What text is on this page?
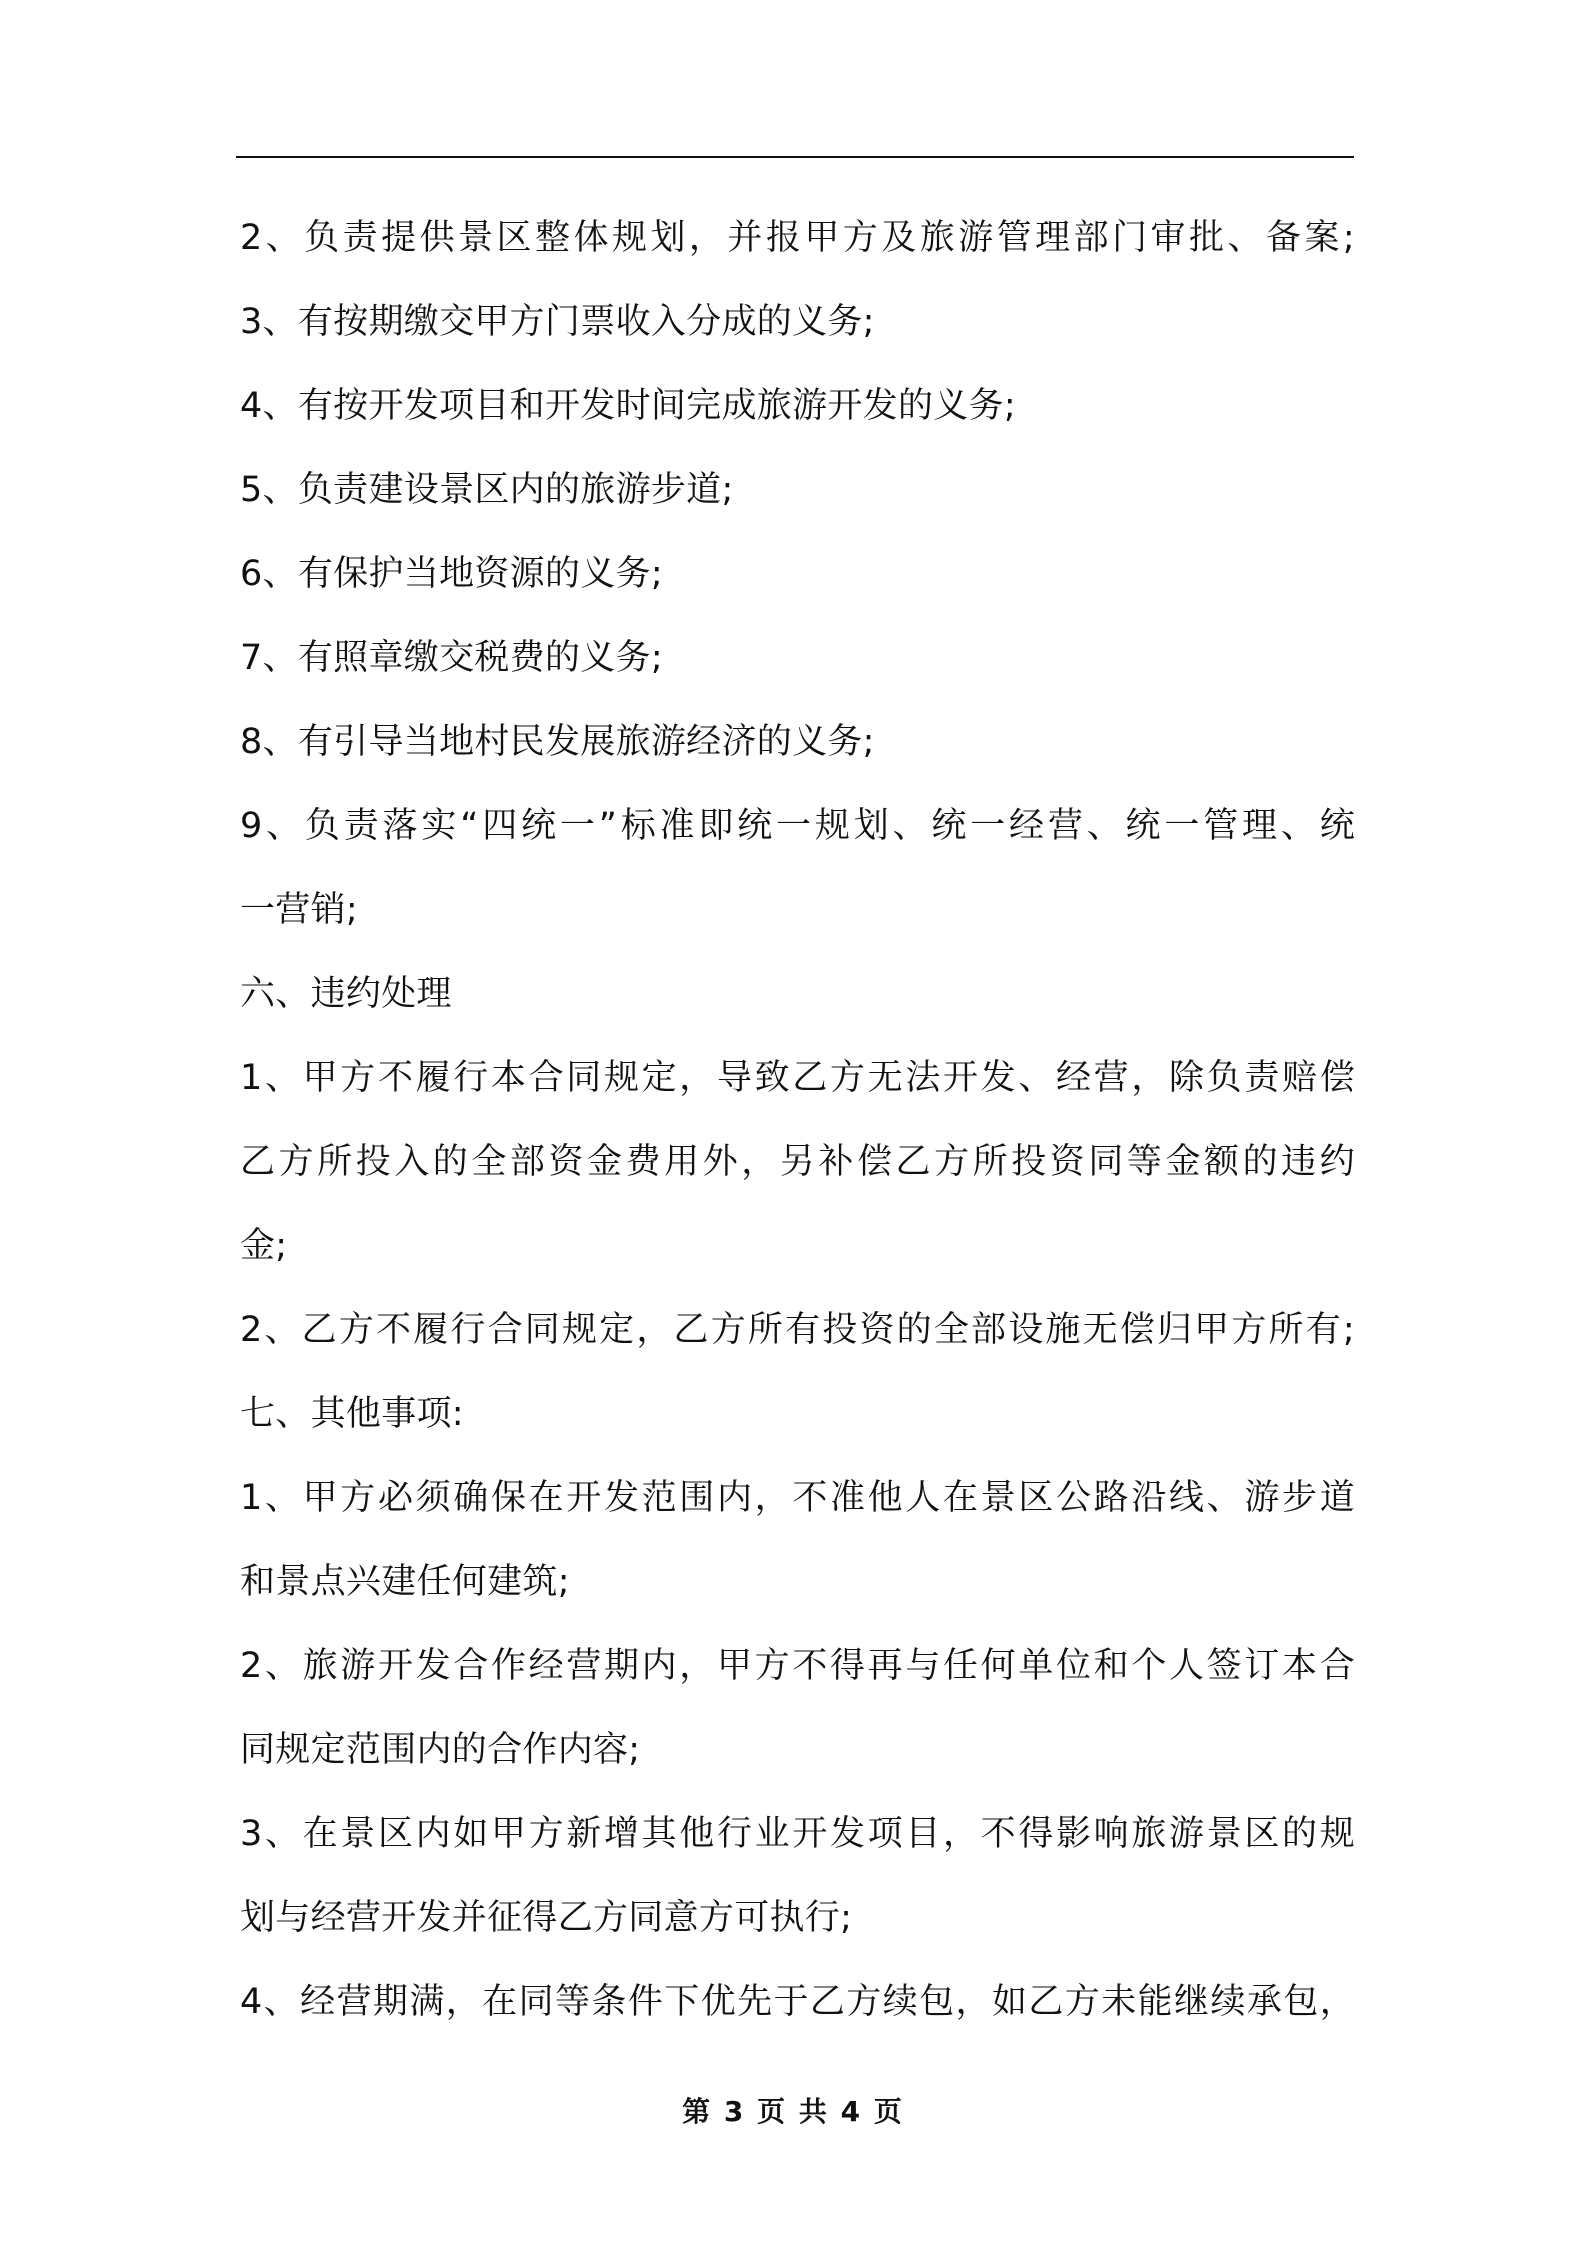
2、负责提供景区整体规划，并报甲方及旅游管理部门审批、备案;
3、有按期缴交甲方门票收入分成的义务;
4、有按开发项目和开发时间完成旅游开发的义务;
5、负责建设景区内的旅游步道;
6、有保护当地资源的义务;
7、有照章缴交税费的义务;
8、有引导当地村民发展旅游经济的义务;
9、负责落实“四统一”标准即统一规划、统一经营、统一管理、统
一营销;
六、违约处理
1、甲方不履行本合同规定，导致乙方无法开发、经营，除负责赔偿
乙方所投入的全部资金费用外，另补偿乙方所投资同等金额的违约
金;
2、乙方不履行合同规定，乙方所有投资的全部设施无偿归甲方所有;
七、其他事项:
1、甲方必须确保在开发范围内，不准他人在景区公路沿线、游步道
和景点兴建任何建筑;
2、旅游开发合作经营期内，甲方不得再与任何单位和个人签订本合
同规定范围内的合作内容;
3、在景区内如甲方新增其他行业开发项目，不得影响旅游景区的规
划与经营开发并征得乙方同意方可执行;
4、经营期满，在同等条件下优先于乙方续包，如乙方未能继续承包，
第 3 页 共 4 页
